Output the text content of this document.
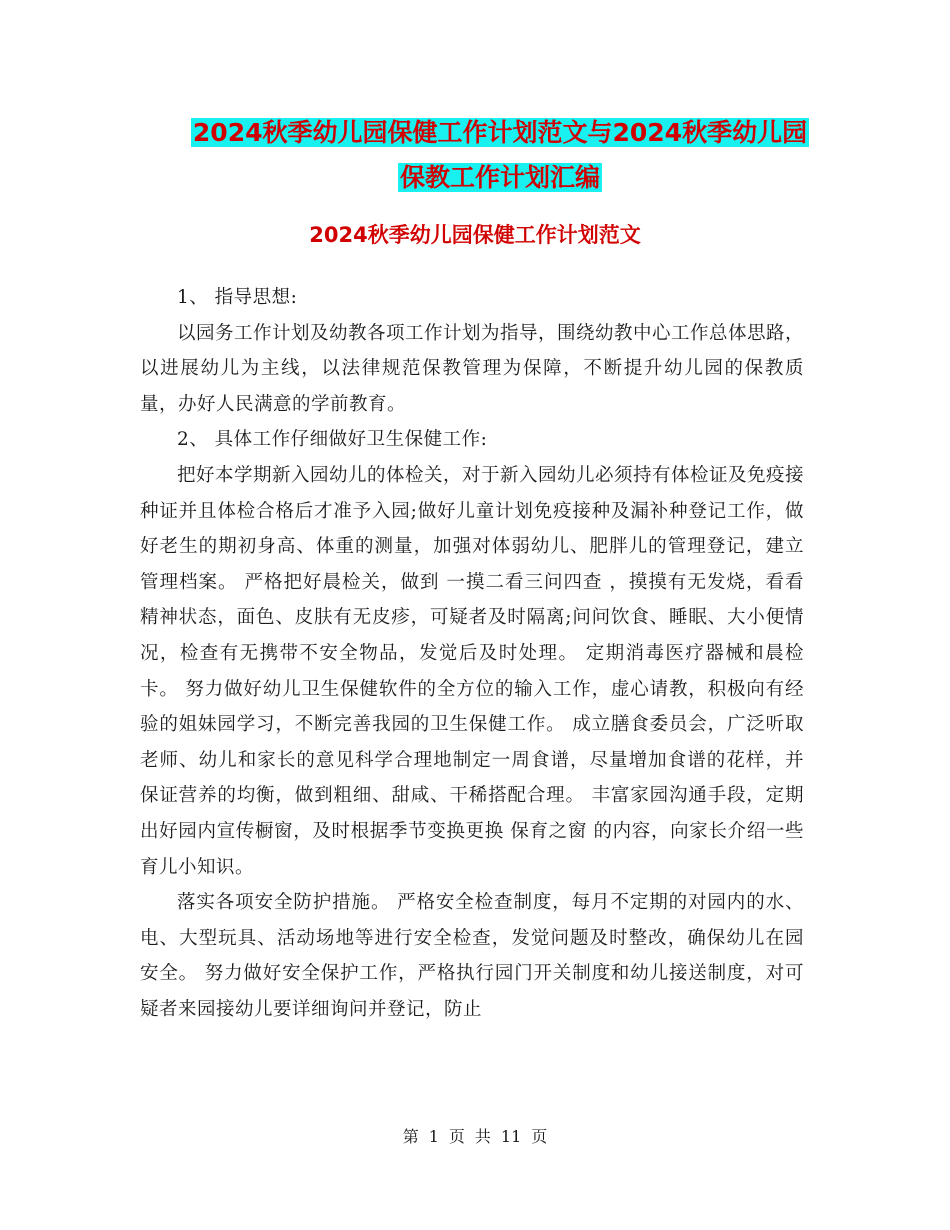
2024秋季幼儿园保健工作计划范文与2024秋季幼儿园
保教工作计划汇编
2024秋季幼儿园保健工作计划范文

1、 指导思想:

以园务工作计划及幼教各项工作计划为指导，围绕幼教中心工作总体思路，以进展幼儿为主线，以法律规范保教管理为保障，不断提升幼儿园的保教质量，办好人民满意的学前教育。

2、 具体工作仔细做好卫生保健工作:

把好本学期新入园幼儿的体检关，对于新入园幼儿必须持有体检证及免疫接种证并且体检合格后才准予入园;做好儿童计划免疫接种及漏补种登记工作，做好老生的期初身高、体重的测量，加强对体弱幼儿、肥胖儿的管理登记，建立管理档案。 严格把好晨检关，做到 一摸二看三问四查 ，摸摸有无发烧，看看精神状态，面色、皮肤有无皮疹，可疑者及时隔离;问问饮食、睡眠、大小便情况，检查有无携带不安全物品，发觉后及时处理。 定期消毒医疗器械和晨检卡。 努力做好幼儿卫生保健软件的全方位的输入工作，虚心请教，积极向有经验的姐妹园学习，不断完善我园的卫生保健工作。 成立膳食委员会，广泛听取老师、幼儿和家长的意见科学合理地制定一周食谱，尽量增加食谱的花样，并保证营养的均衡，做到粗细、甜咸、干稀搭配合理。 丰富家园沟通手段，定期出好园内宣传橱窗，及时根据季节变换更换 保育之窗 的内容，向家长介绍一些育儿小知识。

落实各项安全防护措施。 严格安全检查制度，每月不定期的对园内的水、电、大型玩具、活动场地等进行安全检查，发觉问题及时整改，确保幼儿在园安全。 努力做好安全保护工作，严格执行园门开关制度和幼儿接送制度，对可疑者来园接幼儿要详细询问并登记，防止

第 1 页 共 11 页
